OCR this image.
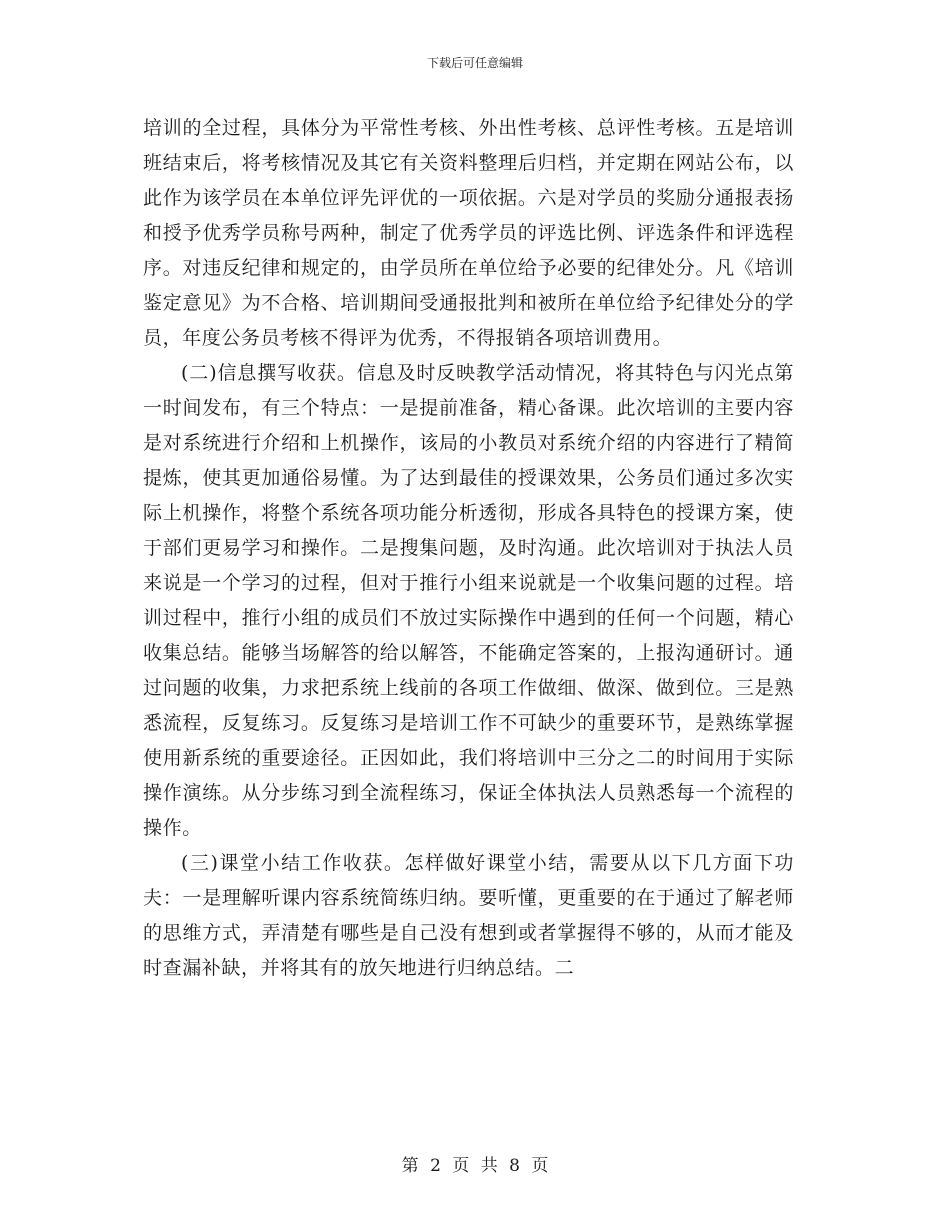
下载后可任意编辑

培训的全过程，具体分为平常性考核、外出性考核、总评性考核。五是培训班结束后，将考核情况及其它有关资料整理后归档，并定期在网站公布，以此作为该学员在本单位评先评优的一项依据。六是对学员的奖励分通报表扬和授予优秀学员称号两种，制定了优秀学员的评选比例、评选条件和评选程序。对违反纪律和规定的，由学员所在单位给予必要的纪律处分。凡《培训鉴定意见》为不合格、培训期间受通报批判和被所在单位给予纪律处分的学员，年度公务员考核不得评为优秀，不得报销各项培训费用。

(二)信息撰写收获。信息及时反映教学活动情况，将其特色与闪光点第一时间发布，有三个特点：一是提前准备，精心备课。此次培训的主要内容是对系统进行介绍和上机操作，该局的小教员对系统介绍的内容进行了精简提炼，使其更加通俗易懂。为了达到最佳的授课效果，公务员们通过多次实际上机操作，将整个系统各项功能分析透彻，形成各具特色的授课方案，使于部们更易学习和操作。二是搜集问题，及时沟通。此次培训对于执法人员来说是一个学习的过程，但对于推行小组来说就是一个收集问题的过程。培训过程中，推行小组的成员们不放过实际操作中遇到的任何一个问题，精心收集总结。能够当场解答的给以解答，不能确定答案的，上报沟通研讨。通过问题的收集，力求把系统上线前的各项工作做细、做深、做到位。三是熟悉流程，反复练习。反复练习是培训工作不可缺少的重要环节，是熟练掌握使用新系统的重要途径。正因如此，我们将培训中三分之二的时间用于实际操作演练。从分步练习到全流程练习，保证全体执法人员熟悉每一个流程的操作。

(三)课堂小结工作收获。怎样做好课堂小结，需要从以下几方面下功夫：一是理解听课内容系统简练归纳。要听懂，更重要的在于通过了解老师的思维方式，弄清楚有哪些是自己没有想到或者掌握得不够的，从而才能及时查漏补缺，并将其有的放矢地进行归纳总结。二

第 2 页 共 8 页
